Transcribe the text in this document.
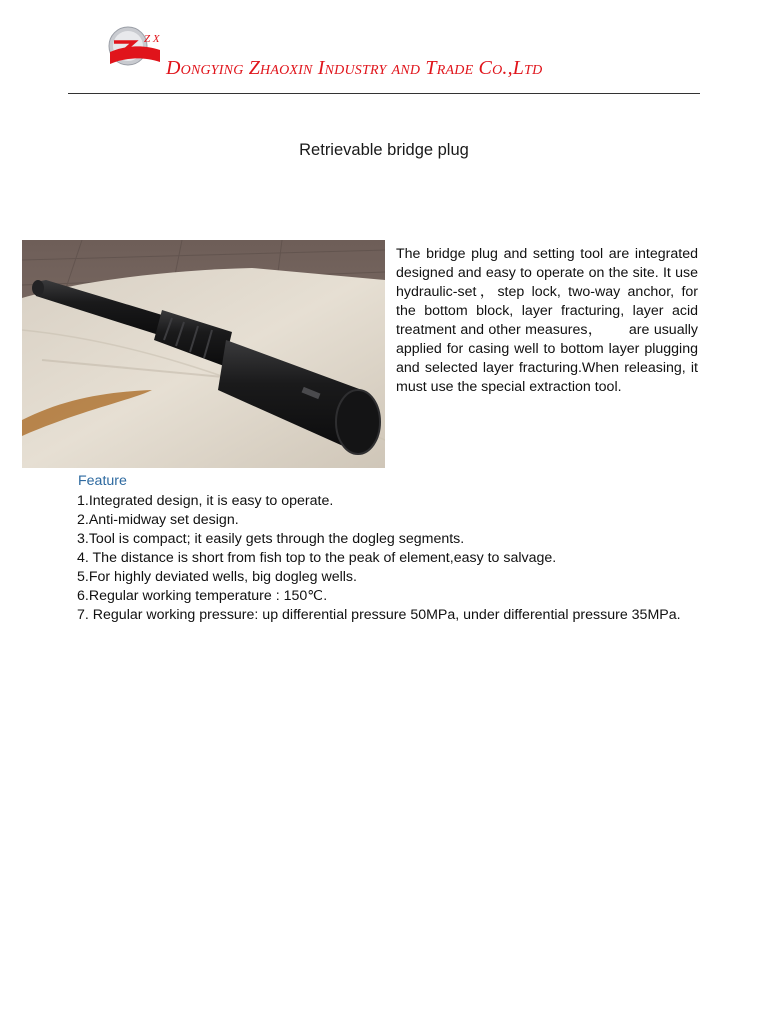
Z X
Dongying Zhaoxin Industry and Trade Co.,Ltd
Retrievable bridge plug
The bridge plug and setting tool are integrated designed and easy to operate on the site. It use hydraulic-set，step lock, two-way anchor, for the bottom block, layer fracturing, layer acid treatment and other measures，      are usually applied for casing well to bottom layer plugging and selected layer fracturing.When releasing, it must use the special extraction tool.
Feature
1.Integrated design, it is easy to operate.
2.Anti-midway set design.
3.Tool is compact; it easily gets through the dogleg segments.
4. The distance is short from fish top to the peak of element,easy to salvage.
5.For highly deviated wells, big dogleg wells.
6.Regular working temperature : 150℃.
7. Regular working pressure: up differential pressure 50MPa, under differential pressure 35MPa.
